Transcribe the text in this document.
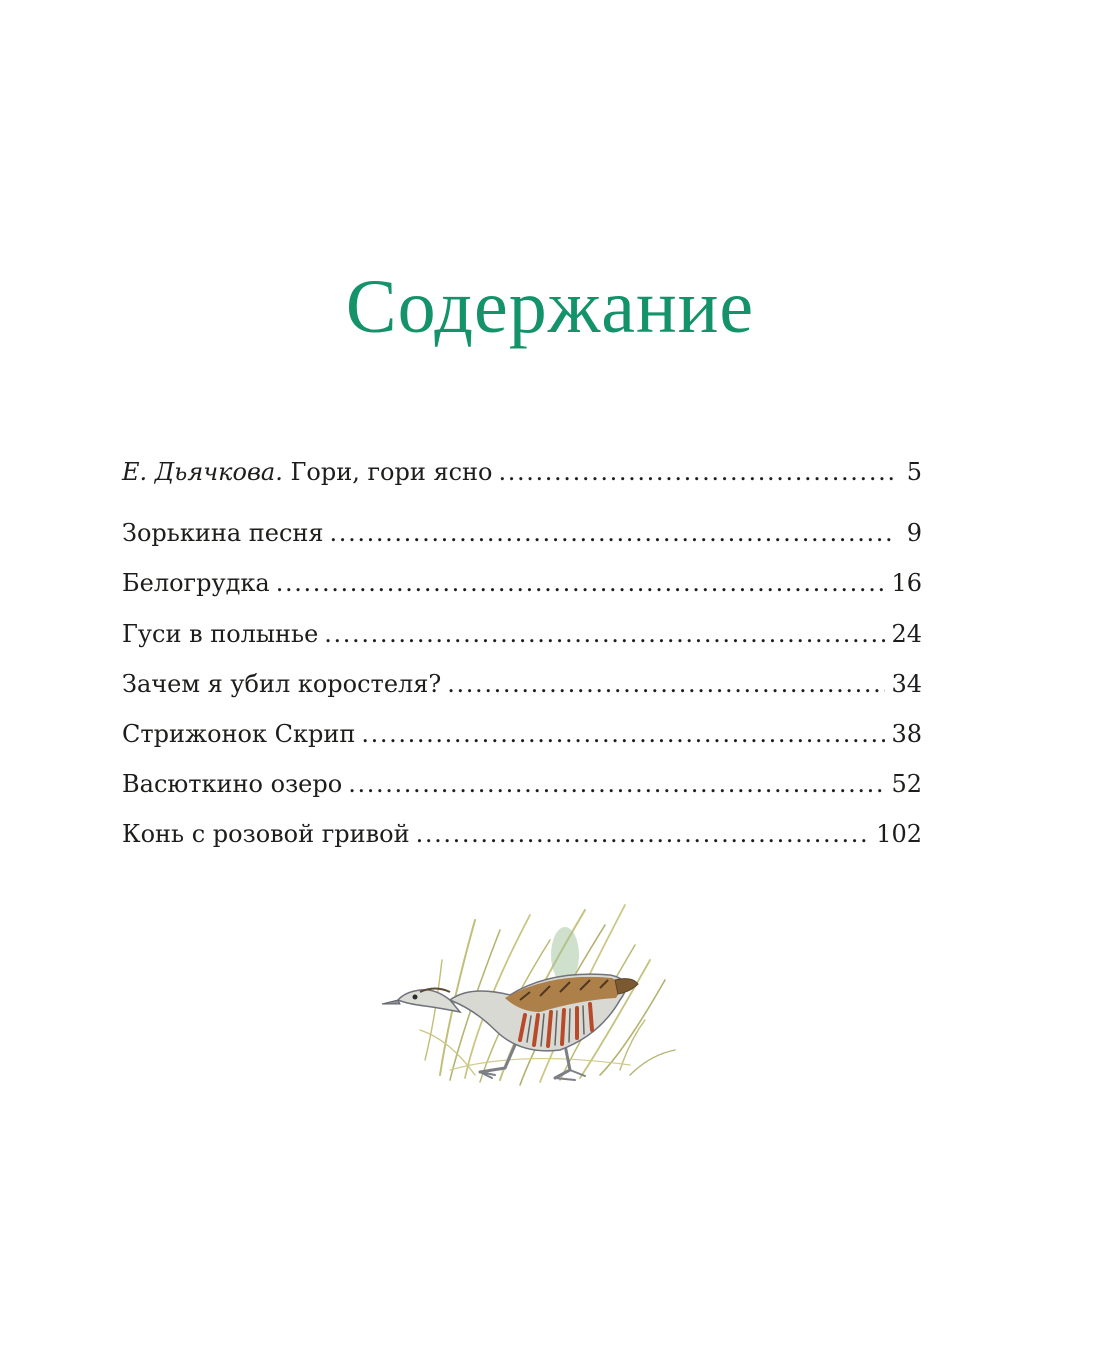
Содержание
Е. Дьячкова. Гори, гори ясно . . .	5
Зорькина песня . . .	9
Белогрудка . . .	16
Гуси в полынье . . .	24
Зачем я убил коростеля? . . .	34
Стрижонок Скрип . . .	38
Васюткино озеро . . .	52
Конь с розовой гривой . . .	102
